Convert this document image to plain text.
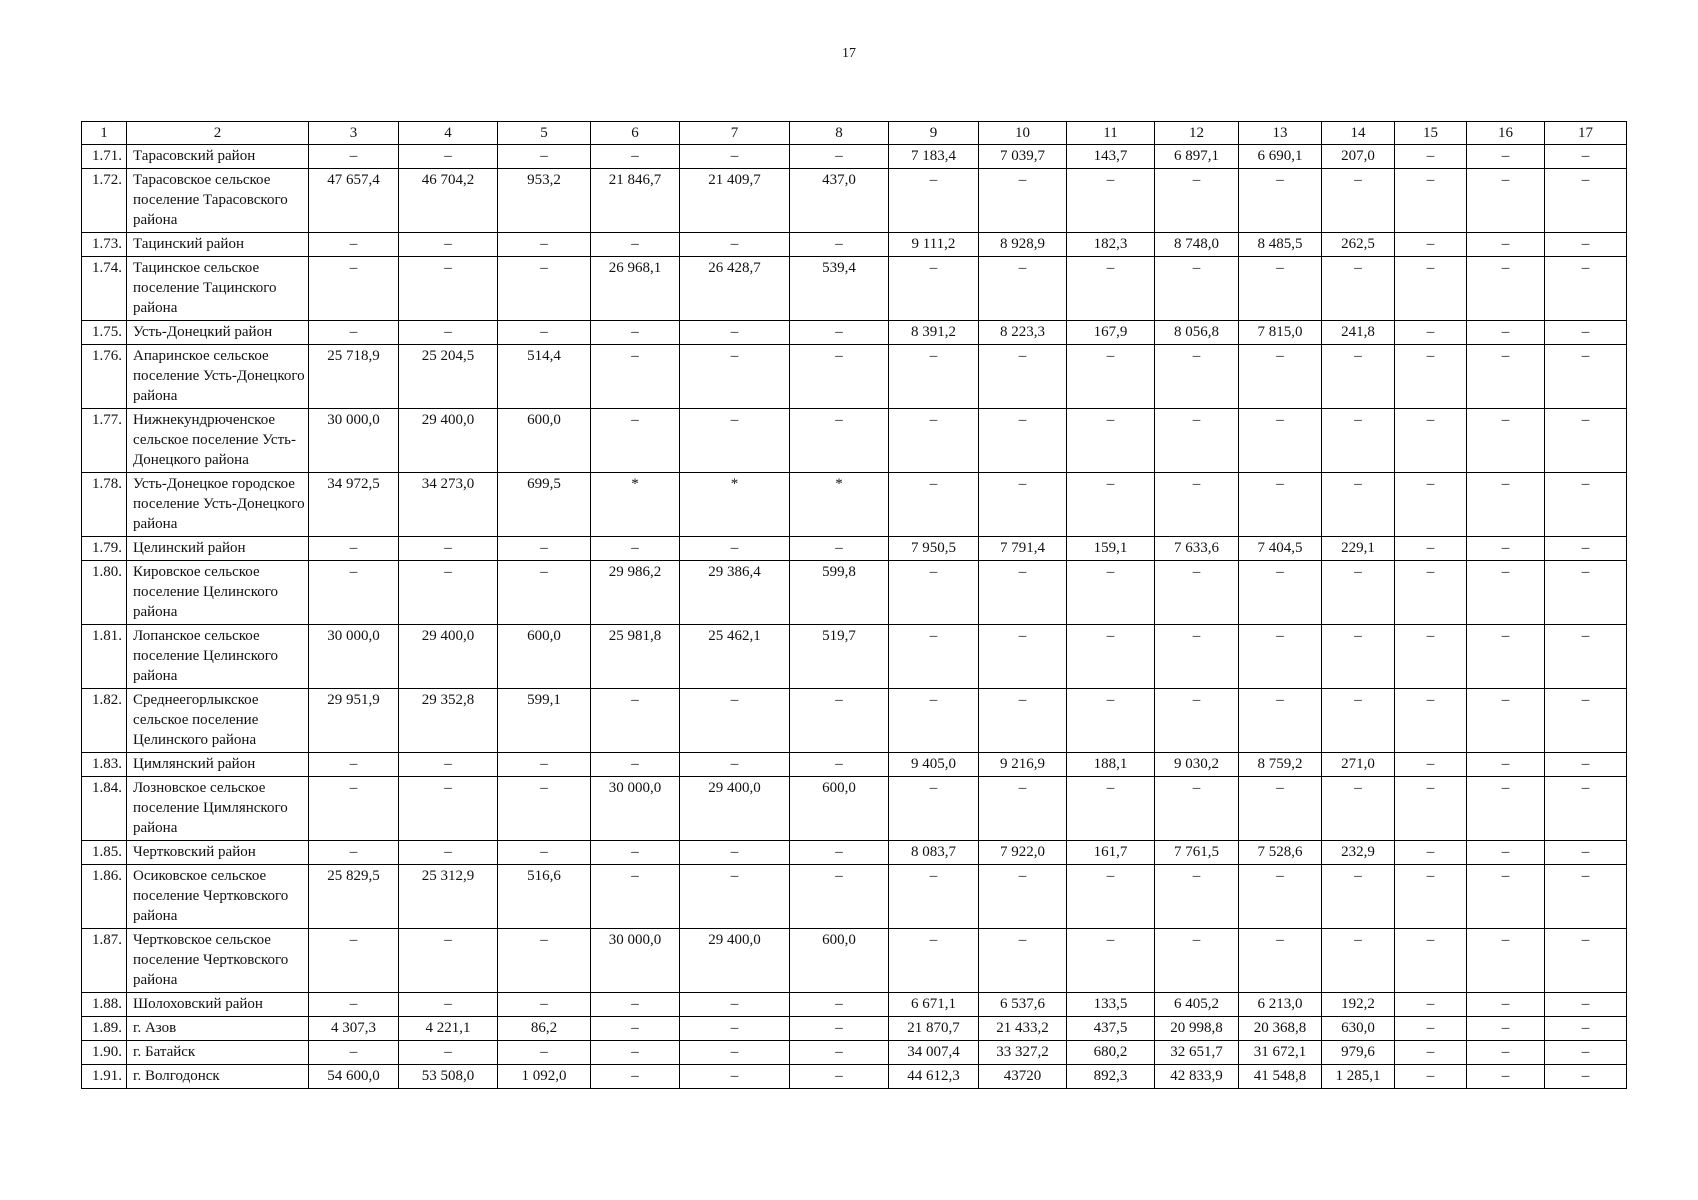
17
1	2	3	4	5	6	7	8	9	10	11	12	13	14	15	16	17
1.71.	Тарасовский район	–	–	–	–	–	–	7 183,4	7 039,7	143,7	6 897,1	6 690,1	207,0	–	–	–
1.72.	Тарасовское сельское поселение Тарасовского района	47 657,4	46 704,2	953,2	21 846,7	21 409,7	437,0	–	–	–	–	–	–	–	–	–
1.73.	Тацинский район	–	–	–	–	–	–	9 111,2	8 928,9	182,3	8 748,0	8 485,5	262,5	–	–	–
1.74.	Тацинское сельское поселение Тацинского района	–	–	–	26 968,1	26 428,7	539,4	–	–	–	–	–	–	–	–	–
1.75.	Усть-Донецкий район	–	–	–	–	–	–	8 391,2	8 223,3	167,9	8 056,8	7 815,0	241,8	–	–	–
1.76.	Апаринское сельское поселение Усть-Донецкого района	25 718,9	25 204,5	514,4	–	–	–	–	–	–	–	–	–	–	–	–
1.77.	Нижнекундрюченское сельское поселение Усть-Донецкого района	30 000,0	29 400,0	600,0	–	–	–	–	–	–	–	–	–	–	–	–
1.78.	Усть-Донецкое городское поселение Усть-Донецкого района	34 972,5	34 273,0	699,5	*	*	*	–	–	–	–	–	–	–	–	–
1.79.	Целинский район	–	–	–	–	–	–	7 950,5	7 791,4	159,1	7 633,6	7 404,5	229,1	–	–	–
1.80.	Кировское сельское поселение Целинского района	–	–	–	29 986,2	29 386,4	599,8	–	–	–	–	–	–	–	–	–
1.81.	Лопанское сельское поселение Целинского района	30 000,0	29 400,0	600,0	25 981,8	25 462,1	519,7	–	–	–	–	–	–	–	–	–
1.82.	Среднеегорлыкское сельское поселение Целинского района	29 951,9	29 352,8	599,1	–	–	–	–	–	–	–	–	–	–	–	–
1.83.	Цимлянский район	–	–	–	–	–	–	9 405,0	9 216,9	188,1	9 030,2	8 759,2	271,0	–	–	–
1.84.	Лозновское сельское поселение Цимлянского района	–	–	–	30 000,0	29 400,0	600,0	–	–	–	–	–	–	–	–	–
1.85.	Чертковский район	–	–	–	–	–	–	8 083,7	7 922,0	161,7	7 761,5	7 528,6	232,9	–	–	–
1.86.	Осиковское сельское поселение Чертковского района	25 829,5	25 312,9	516,6	–	–	–	–	–	–	–	–	–	–	–	–
1.87.	Чертковское сельское поселение Чертковского района	–	–	–	30 000,0	29 400,0	600,0	–	–	–	–	–	–	–	–	–
1.88.	Шолоховский район	–	–	–	–	–	–	6 671,1	6 537,6	133,5	6 405,2	6 213,0	192,2	–	–	–
1.89.	г. Азов	4 307,3	4 221,1	86,2	–	–	–	21 870,7	21 433,2	437,5	20 998,8	20 368,8	630,0	–	–	–
1.90.	г. Батайск	–	–	–	–	–	–	34 007,4	33 327,2	680,2	32 651,7	31 672,1	979,6	–	–	–
1.91.	г. Волгодонск	54 600,0	53 508,0	1 092,0	–	–	–	44 612,3	43720	892,3	42 833,9	41 548,8	1 285,1	–	–	–
